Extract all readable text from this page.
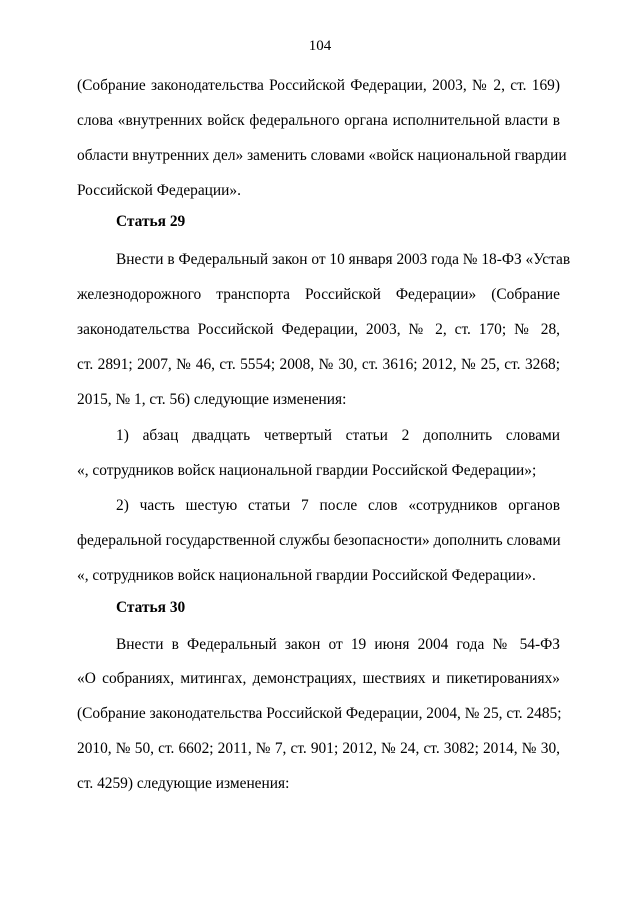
104
(Собрание законодательства Российской Федерации, 2003, № 2, ст. 169)
слова «внутренних войск федерального органа исполнительной власти в
области внутренних дел» заменить словами «войск национальной гвардии
Российской Федерации».
Статья 29
Внести в Федеральный закон от 10 января 2003 года № 18-ФЗ «Устав
железнодорожного транспорта Российской Федерации» (Собрание
законодательства Российской Федерации, 2003, № 2, ст. 170; № 28,
ст. 2891; 2007, № 46, ст. 5554; 2008, № 30, ст. 3616; 2012, № 25, ст. 3268;
2015, № 1, ст. 56) следующие изменения:
1) абзац двадцать четвертый статьи 2 дополнить словами
«, сотрудников войск национальной гвардии Российской Федерации»;
2) часть шестую статьи 7 после слов «сотрудников органов
федеральной государственной службы безопасности» дополнить словами
«, сотрудников войск национальной гвардии Российской Федерации».
Статья 30
Внести в Федеральный закон от 19 июня 2004 года № 54-ФЗ
«О собраниях, митингах, демонстрациях, шествиях и пикетированиях»
(Собрание законодательства Российской Федерации, 2004, № 25, ст. 2485;
2010, № 50, ст. 6602; 2011, № 7, ст. 901; 2012, № 24, ст. 3082; 2014, № 30,
ст. 4259) следующие изменения:
